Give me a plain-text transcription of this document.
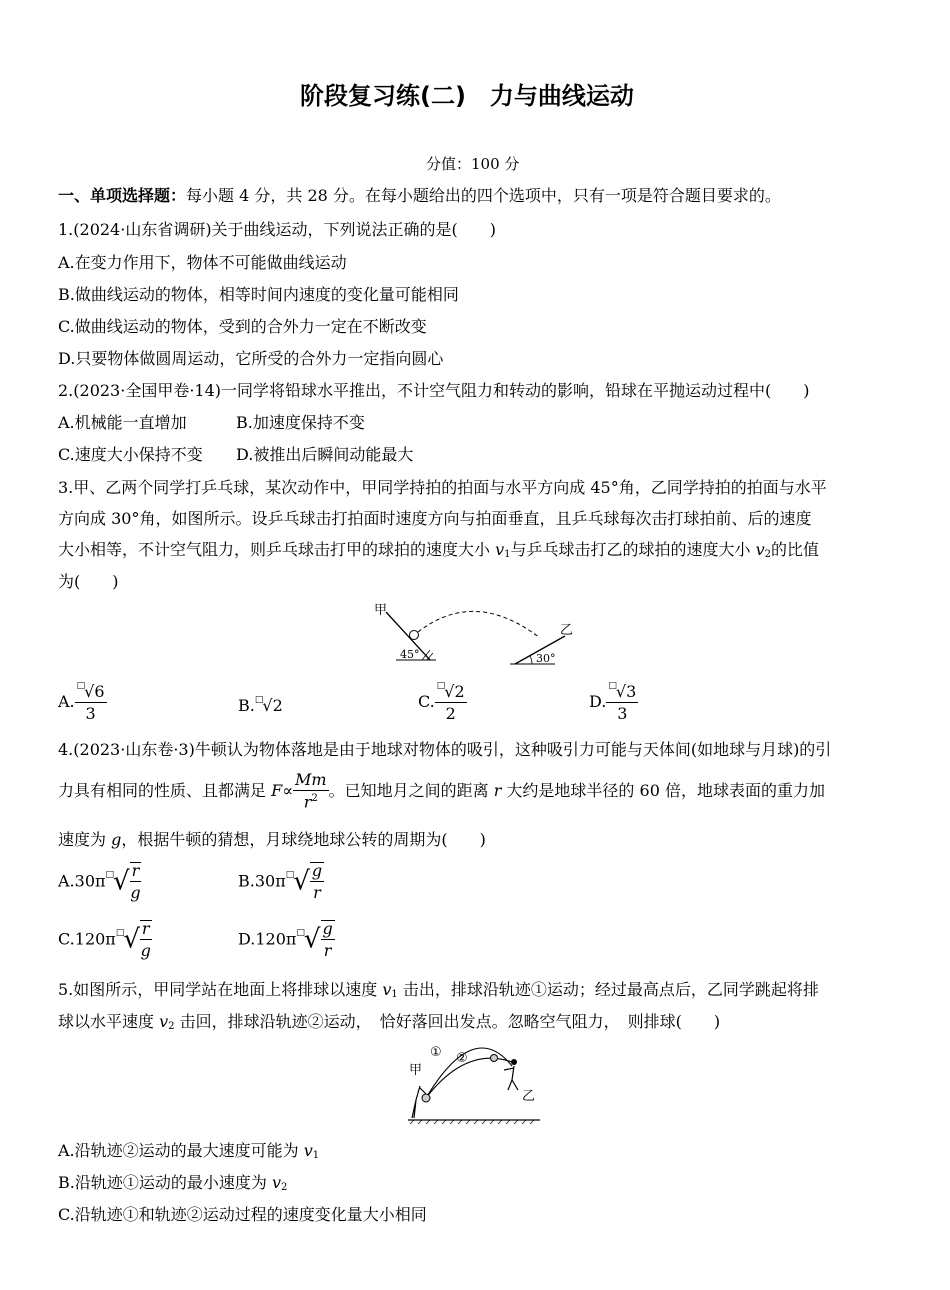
阶段复习练(二)　力与曲线运动
分值：100 分
一、单项选择题：每小题 4 分，共 28 分。在每小题给出的四个选项中，只有一项是符合题目要求的。
1.(2024·山东省调研)关于曲线运动，下列说法正确的是(　　)
A.在变力作用下，物体不可能做曲线运动
B.做曲线运动的物体，相等时间内速度的变化量可能相同
C.做曲线运动的物体，受到的合外力一定在不断改变
D.只要物体做圆周运动，它所受的合外力一定指向圆心
2.(2023·全国甲卷·14)一同学将铅球水平推出，不计空气阻力和转动的影响，铅球在平抛运动过程中(　　)
A.机械能一直增加	B.加速度保持不变
C.速度大小保持不变 D.被推出后瞬间动能最大
3.甲、乙两个同学打乒乓球，某次动作中，甲同学持拍的拍面与水平方向成 45°角，乙同学持拍的拍面与水平
方向成 30°角，如图所示。设乒乓球击打拍面时速度方向与拍面垂直，且乒乓球每次击打球拍前、后的速度
大小相等，不计空气阻力，则乒乓球击打甲的球拍的速度大小 $v_1$与乒乓球击打乙的球拍的速度大小 $v_2$的比值
为(　　)
甲
乙
45°	30°
A. $\frac{^□√6}{3}$	B.□√2	C. $\frac{^□√2}{2}$	D. $\frac{^□√3}{3}$
4.(2023·山东卷·3)牛顿认为物体落地是由于地球对物体的吸引，这种吸引力可能与天体间(如地球与月球)的引
力具有相同的性质、且都满足 $F\propto \frac{Mm}{r^2}$ 。已知地月之间的距离 r 大约是地球半径的 60 倍，地球表面的重力加
速度为 g，根据牛顿的猜想，月球绕地球公转的周期为(　　)
$A.30\pi^□√ \frac{r}{g}$	$B.30\pi^□√ \frac{g}{r}$
$C.120\pi^□√ \frac{r}{g}$	$D.120\pi^□√ \frac{g}{r}$
5.如图所示，甲同学站在地面上将排球以速度 $v_1$ 击出，排球沿轨迹①运动；经过最高点后，乙同学跳起将排
球以水平速度 $v_2$ 击回，排球沿轨迹②运动，　恰好落回出发点。忽略空气阻力，　则排球(　　)
甲
乙
① ②
A.沿轨迹②运动的最大速度可能为 $v_1$
B.沿轨迹①运动的最小速度为 $v_2$
C.沿轨迹①和轨迹②运动过程的速度变化量大小相同
